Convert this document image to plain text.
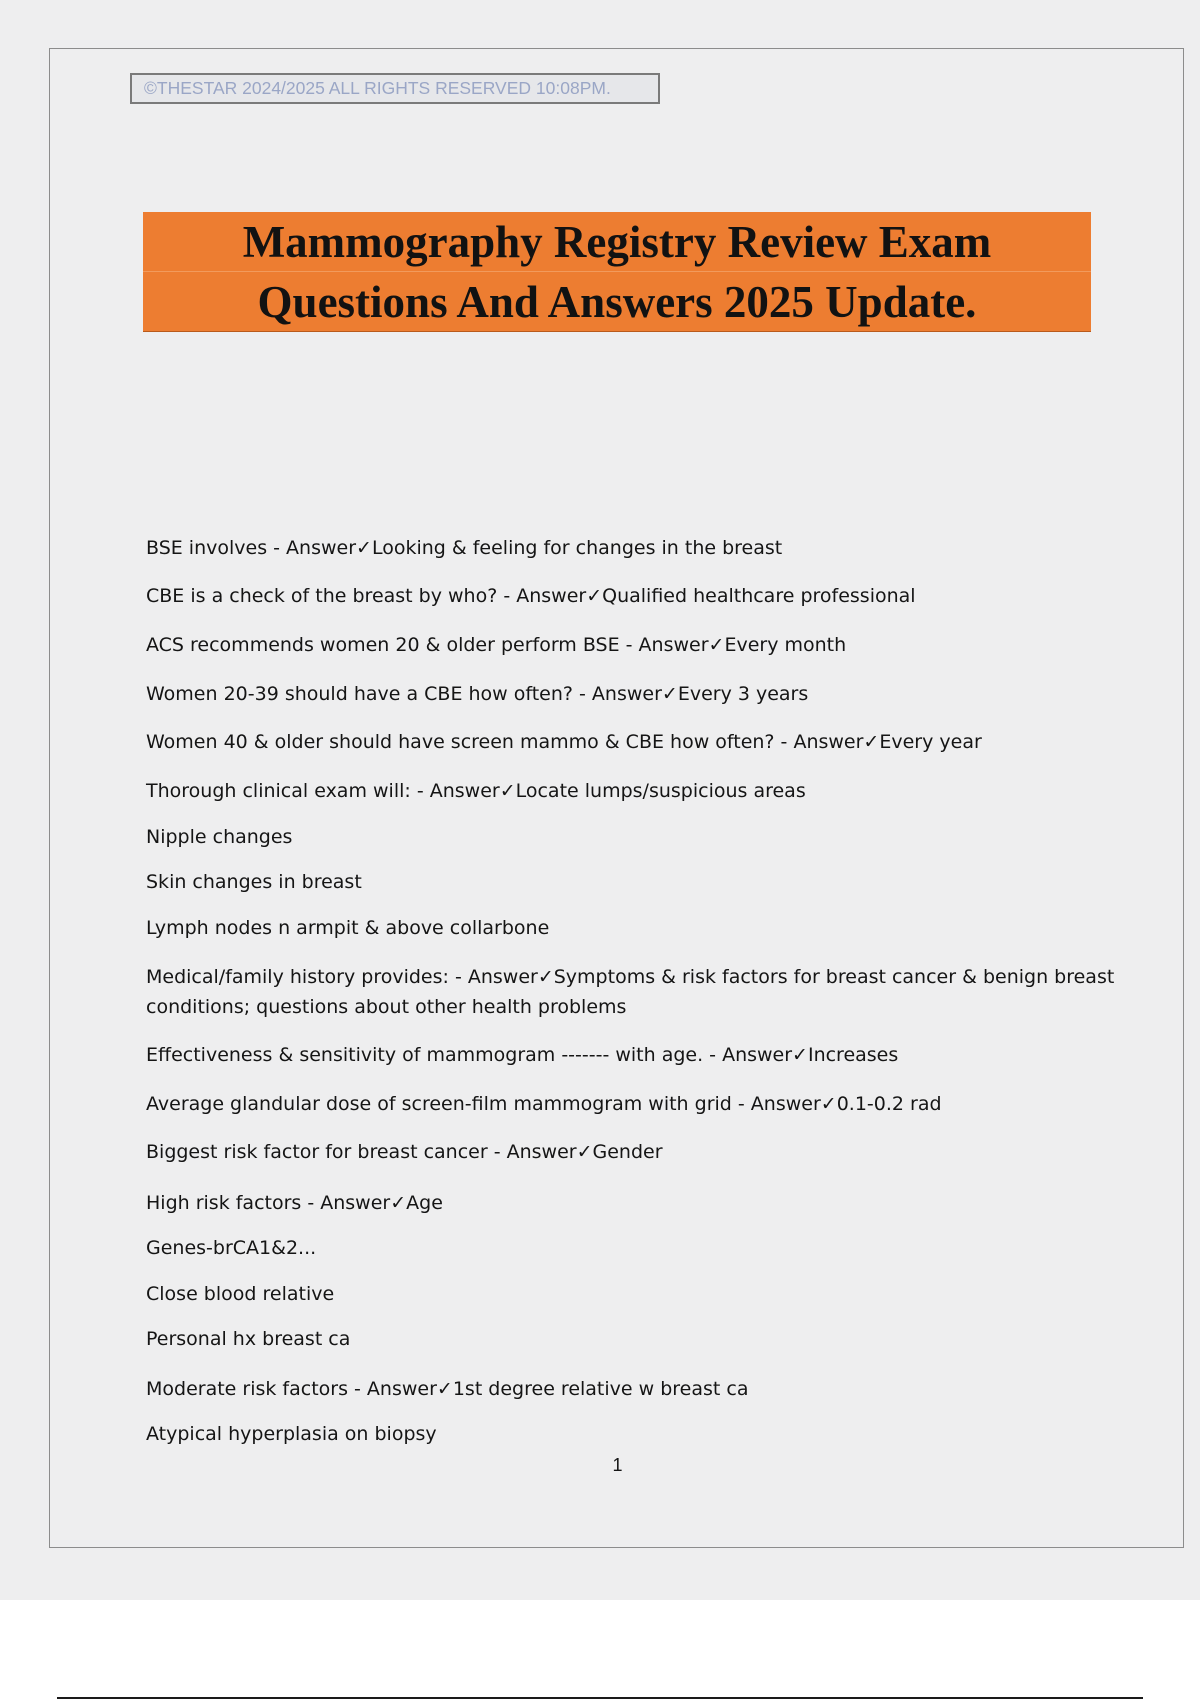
©THESTAR 2024/2025 ALL RIGHTS RESERVED 10:08PM.
Mammography Registry Review Exam
Questions And Answers 2025 Update.
BSE involves - Answer✓Looking & feeling for changes in the breast
CBE is a check of the breast by who? - Answer✓Qualified healthcare professional
ACS recommends women 20 & older perform BSE - Answer✓Every month
Women 20-39 should have a CBE how often? - Answer✓Every 3 years
Women 40 & older should have screen mammo & CBE how often? - Answer✓Every year
Thorough clinical exam will: - Answer✓Locate lumps/suspicious areas
Nipple changes
Skin changes in breast
Lymph nodes n armpit & above collarbone
Medical/family history provides: - Answer✓Symptoms & risk factors for breast cancer & benign breast conditions; questions about other health problems
Effectiveness & sensitivity of mammogram ------- with age. - Answer✓Increases
Average glandular dose of screen-film mammogram with grid - Answer✓0.1-0.2 rad
Biggest risk factor for breast cancer - Answer✓Gender
High risk factors - Answer✓Age
Genes-brCA1&2...
Close blood relative
Personal hx breast ca
Moderate risk factors - Answer✓1st degree relative w breast ca
Atypical hyperplasia on biopsy
1
